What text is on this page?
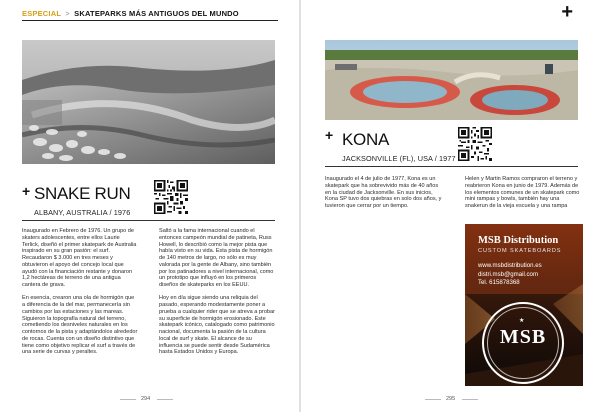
ESPECIAL > SKATEPARKS MÁS ANTIGUOS DEL MUNDO	+
+ SNAKE RUN
ALBANY, AUSTRALIA / 1976

Inaugurado en Febrero de 1976. Un grupo de skaters adolescentes, entre ellos Laurie Terlick, diseñó el primer skatepark de Australia inspirado en su gran pasión: el surf. Recaudaron $ 3.000 en tres meses y obtuvieron el apoyo del concejo local que ayudó con la financiación restante y donaron 1,2 hectáreas de terreno de una antigua cantera de grava.

En esencia, crearon una ola de hormigón que a diferencia de la del mar, permanecería sin cambios por las estaciones y las mareas. Siguieron la topografía natural del terreno, cometiendo los desniveles naturales en los contornos de la pista y adaptándolos alrededor de rocas. Cuenta con un diseño distintivo que tiene como objetivo replicar el surf a través de una serie de curvas y peraltes.

Saltó a la fama internacional cuando el entonces campeón mundial de patineta, Russ Howell, lo describió como la mejor pista que había visto en su vida. Esta pista de hormigón de 140 metros de largo, no sólo es muy valorada por la gente de Albany, sino también por los patinadores a nivel internacional, como un prototipo que influyó en los primeros diseños de skateparks en los EEUU.

Hoy en día sigue siendo una reliquia del pasado, esperando modestamente poner a prueba a cualquier rider que se atreva a probar su superficie de hormigón erosionado. Este skatepark icónico, catalogado como patrimonio nacional, documenta la pasión de la cultura local de surf y skate. El alcance de su influencia se puede sentir desde Sudamérica hasta Estados Unidos y Europa.

294
+ KONA
JACKSONVILLE (FL), USA / 1977

Inaugurado el 4 de julio de 1977, Kona es un skatepark que ha sobrevivido más de 40 años en la ciudad de Jacksonville. En sus inicios, Kona SP tuvo dos quiebras en solo dos años, y tuvieron que cerrar por un tiempo.

Helen y Martin Ramos compraron el terreno y reabrieron Kona en junio de 1979. Además de los elementos comunes de un skatepark como mini rampas y bowls, también hay una snakerun de la vieja escuela y una rampa

MSB Distribution
CUSTOM SKATEBOARDS
www.msbdistribution.es
distri.msb@gmail.com
Tel. 615878368
MSB
★
295
